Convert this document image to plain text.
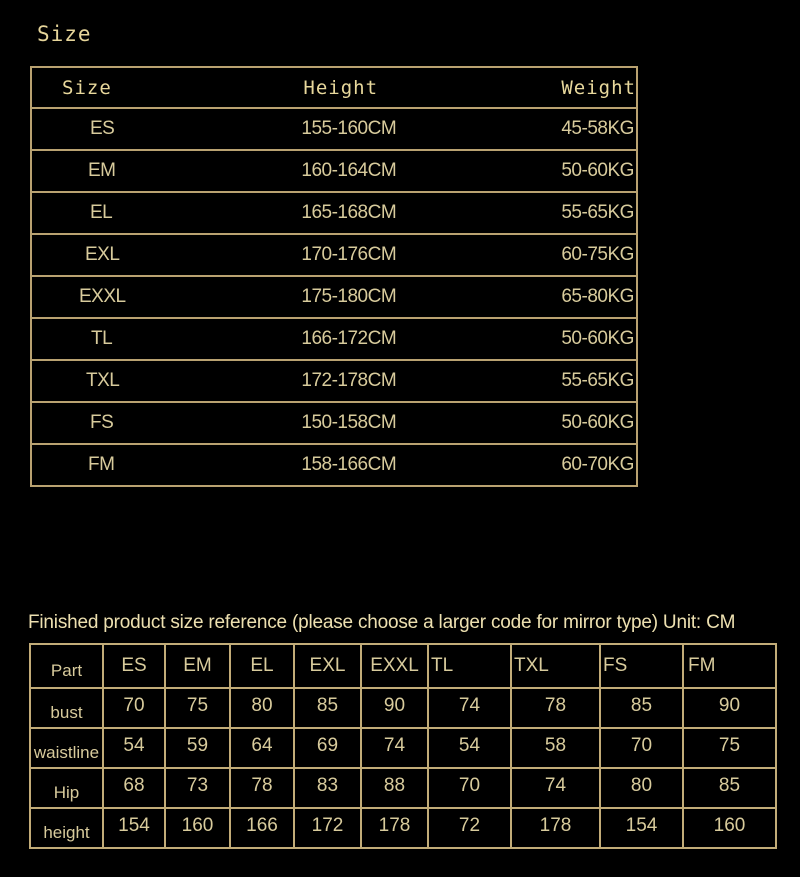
Size
Size	Height	Weight
ES	155-160CM	45-58KG
EM	160-164CM	50-60KG
EL	165-168CM	55-65KG
EXL	170-176CM	60-75KG
EXXL	175-180CM	65-80KG
TL	166-172CM	50-60KG
TXL	172-178CM	55-65KG
FS	150-158CM	50-60KG
FM	158-166CM	60-70KG
Finished product size reference (please choose a larger code for mirror type) Unit: CM
Part	ES	EM	EL	EXL	EXXL	TL	TXL	FS	FM
bust	70	75	80	85	90	74	78	85	90
waistline	54	59	64	69	74	54	58	70	75
Hip	68	73	78	83	88	70	74	80	85
height	154	160	166	172	178	72	178	154	160
